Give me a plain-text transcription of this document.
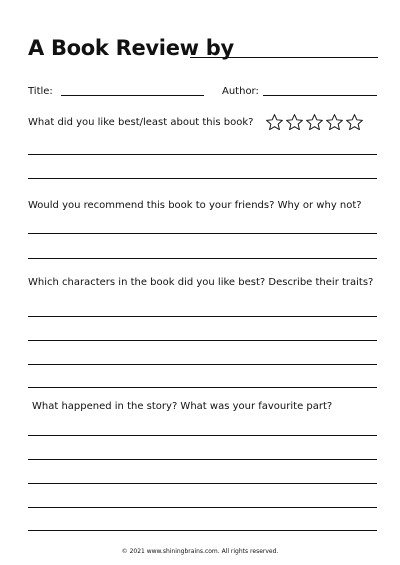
A Book Review by
Title:	Author:
What did you like best/least about this book?
Would you recommend this book to your friends? Why or why not?
Which characters in the book did you like best? Describe their traits?
What happened in the story? What was your favourite part?
© 2021 www.shiningbrains.com. All rights reserved.
